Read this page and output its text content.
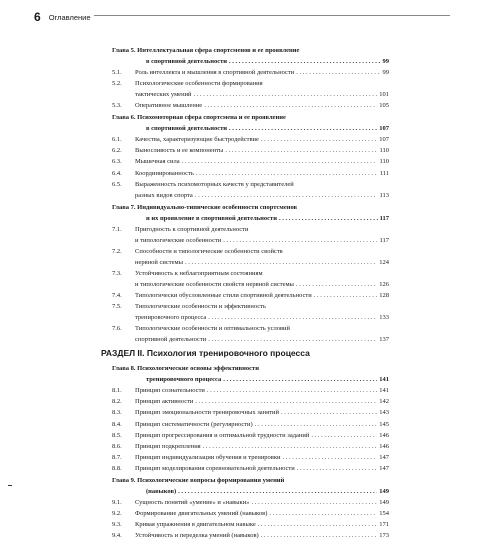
6 Оглавление
Глава 5. Интеллектуальная сфера спортсменов и ее проявление
в спортивной деятельности . . .	99
5.1.	Роль интеллекта и мышления в спортивной деятельности . . .	99
5.2.	Психологические особенности формирования
тактических умений . . .	101
5.3.	Оперативное мышление . . .	105
Глава 6. Психомоторная сфера спортсмена и ее проявление
в спортивной деятельности . . .	107
6.1.	Качества, характеризующие быстродействие . . .	107
6.2.	Выносливость и ее компоненты . . .	110
6.3.	Мышечная сила . . .	110
6.4.	Координированность . . .	111
6.5.	Выраженность психомоторных качеств у представителей
разных видов спорта . . .	113
Глава 7. Индивидуально-типические особенности спортсменов
и их проявление в спортивной деятельности . . .	117
7.1.	Пригодность к спортивной деятельности
и типологические особенности . . .	117
7.2.	Способности и типологические особенности свойств
нервной системы . . .	124
7.3.	Устойчивость к неблагоприятным состояниям
и типологические особенности свойств нервной системы . . .	126
7.4.	Типологически обусловленные стили спортивной деятельности . . .	128
7.5.	Типологические особенности и эффективность
тренировочного процесса . . .	133
7.6.	Типологические особенности и оптимальность условий
спортивной деятельности . . .	137
РАЗДЕЛ II. Психология тренировочного процесса
Глава 8. Психологические основы эффективности
тренировочного процесса . . .	141
8.1.	Принцип сознательности . . .	141
8.2.	Принцип активности . . .	142
8.3.	Принцип эмоциональности тренировочных занятий . . .	143
8.4.	Принцип систематичности (регулярности) . . .	145
8.5.	Принцип прогрессирования и оптимальной трудности заданий . . .	146
8.6.	Принцип подкрепления . . .	146
8.7.	Принцип индивидуализации обучения и тренировки . . .	147
8.8.	Принцип моделирования соревновательной деятельности . . .	147
Глава 9. Психологические вопросы формирования умений
(навыков) . . .	149
9.1.	Сущность понятий «умение» и «навыки» . . .	149
9.2.	Формирование двигательных умений (навыков) . . .	154
9.3.	Кривая упражнения в двигательном навыке . . .	171
9.4.	Устойчивость и переделка умений (навыков) . . .	173
